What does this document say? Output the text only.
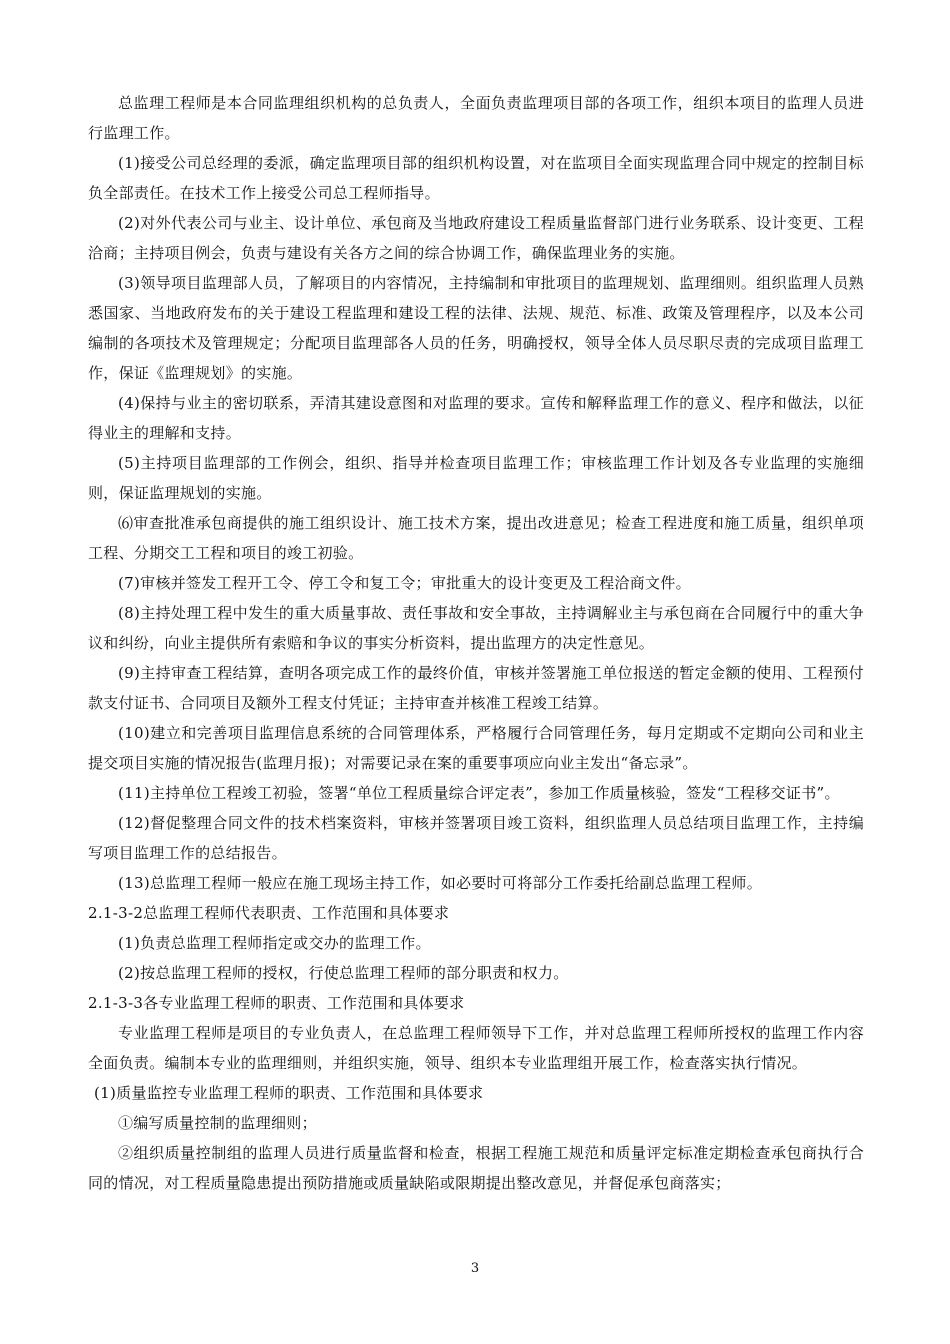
总监理工程师是本合同监理组织机构的总负责人，全面负责监理项目部的各项工作，组织本项目的监理人员进行监理工作。

(1)接受公司总经理的委派，确定监理项目部的组织机构设置，对在监项目全面实现监理合同中规定的控制目标负全部责任。在技术工作上接受公司总工程师指导。

(2)对外代表公司与业主、设计单位、承包商及当地政府建设工程质量监督部门进行业务联系、设计变更、工程洽商；主持项目例会，负责与建设有关各方之间的综合协调工作，确保监理业务的实施。

(3)领导项目监理部人员，了解项目的内容情况，主持编制和审批项目的监理规划、监理细则。组织监理人员熟悉国家、当地政府发布的关于建设工程监理和建设工程的法律、法规、规范、标准、政策及管理程序，以及本公司编制的各项技术及管理规定；分配项目监理部各人员的任务，明确授权，领导全体人员尽职尽责的完成项目监理工作，保证《监理规划》的实施。

(4)保持与业主的密切联系，弄清其建设意图和对监理的要求。宣传和解释监理工作的意义、程序和做法，以征得业主的理解和支持。

(5)主持项目监理部的工作例会，组织、指导并检查项目监理工作；审核监理工作计划及各专业监理的实施细则，保证监理规划的实施。

⑹审查批准承包商提供的施工组织设计、施工技术方案，提出改进意见；检查工程进度和施工质量，组织单项工程、分期交工工程和项目的竣工初验。

(7)审核并签发工程开工令、停工令和复工令；审批重大的设计变更及工程洽商文件。

(8)主持处理工程中发生的重大质量事故、责任事故和安全事故，主持调解业主与承包商在合同履行中的重大争议和纠纷，向业主提供所有索赔和争议的事实分析资料，提出监理方的决定性意见。

(9)主持审查工程结算，查明各项完成工作的最终价值，审核并签署施工单位报送的暂定金额的使用、工程预付款支付证书、合同项目及额外工程支付凭证；主持审查并核准工程竣工结算。

(10)建立和完善项目监理信息系统的合同管理体系，严格履行合同管理任务，每月定期或不定期向公司和业主提交项目实施的情况报告(监理月报)；对需要记录在案的重要事项应向业主发出“备忘录”。

(11)主持单位工程竣工初验，签署“单位工程质量综合评定表”，参加工作质量核验，签发“工程移交证书”。

(12)督促整理合同文件的技术档案资料，审核并签署项目竣工资料，组织监理人员总结项目监理工作，主持编写项目监理工作的总结报告。

(13)总监理工程师一般应在施工现场主持工作，如必要时可将部分工作委托给副总监理工程师。

2.1-3-2总监理工程师代表职责、工作范围和具体要求

(1)负责总监理工程师指定或交办的监理工作。

(2)按总监理工程师的授权，行使总监理工程师的部分职责和权力。

2.1-3-3各专业监理工程师的职责、工作范围和具体要求

专业监理工程师是项目的专业负责人，在总监理工程师领导下工作，并对总监理工程师所授权的监理工作内容全面负责。编制本专业的监理细则，并组织实施，领导、组织本专业监理组开展工作，检查落实执行情况。

(1)质量监控专业监理工程师的职责、工作范围和具体要求

①编写质量控制的监理细则；

②组织质量控制组的监理人员进行质量监督和检查，根据工程施工规范和质量评定标准定期检查承包商执行合同的情况，对工程质量隐患提出预防措施或质量缺陷或限期提出整改意见，并督促承包商落实；

3
